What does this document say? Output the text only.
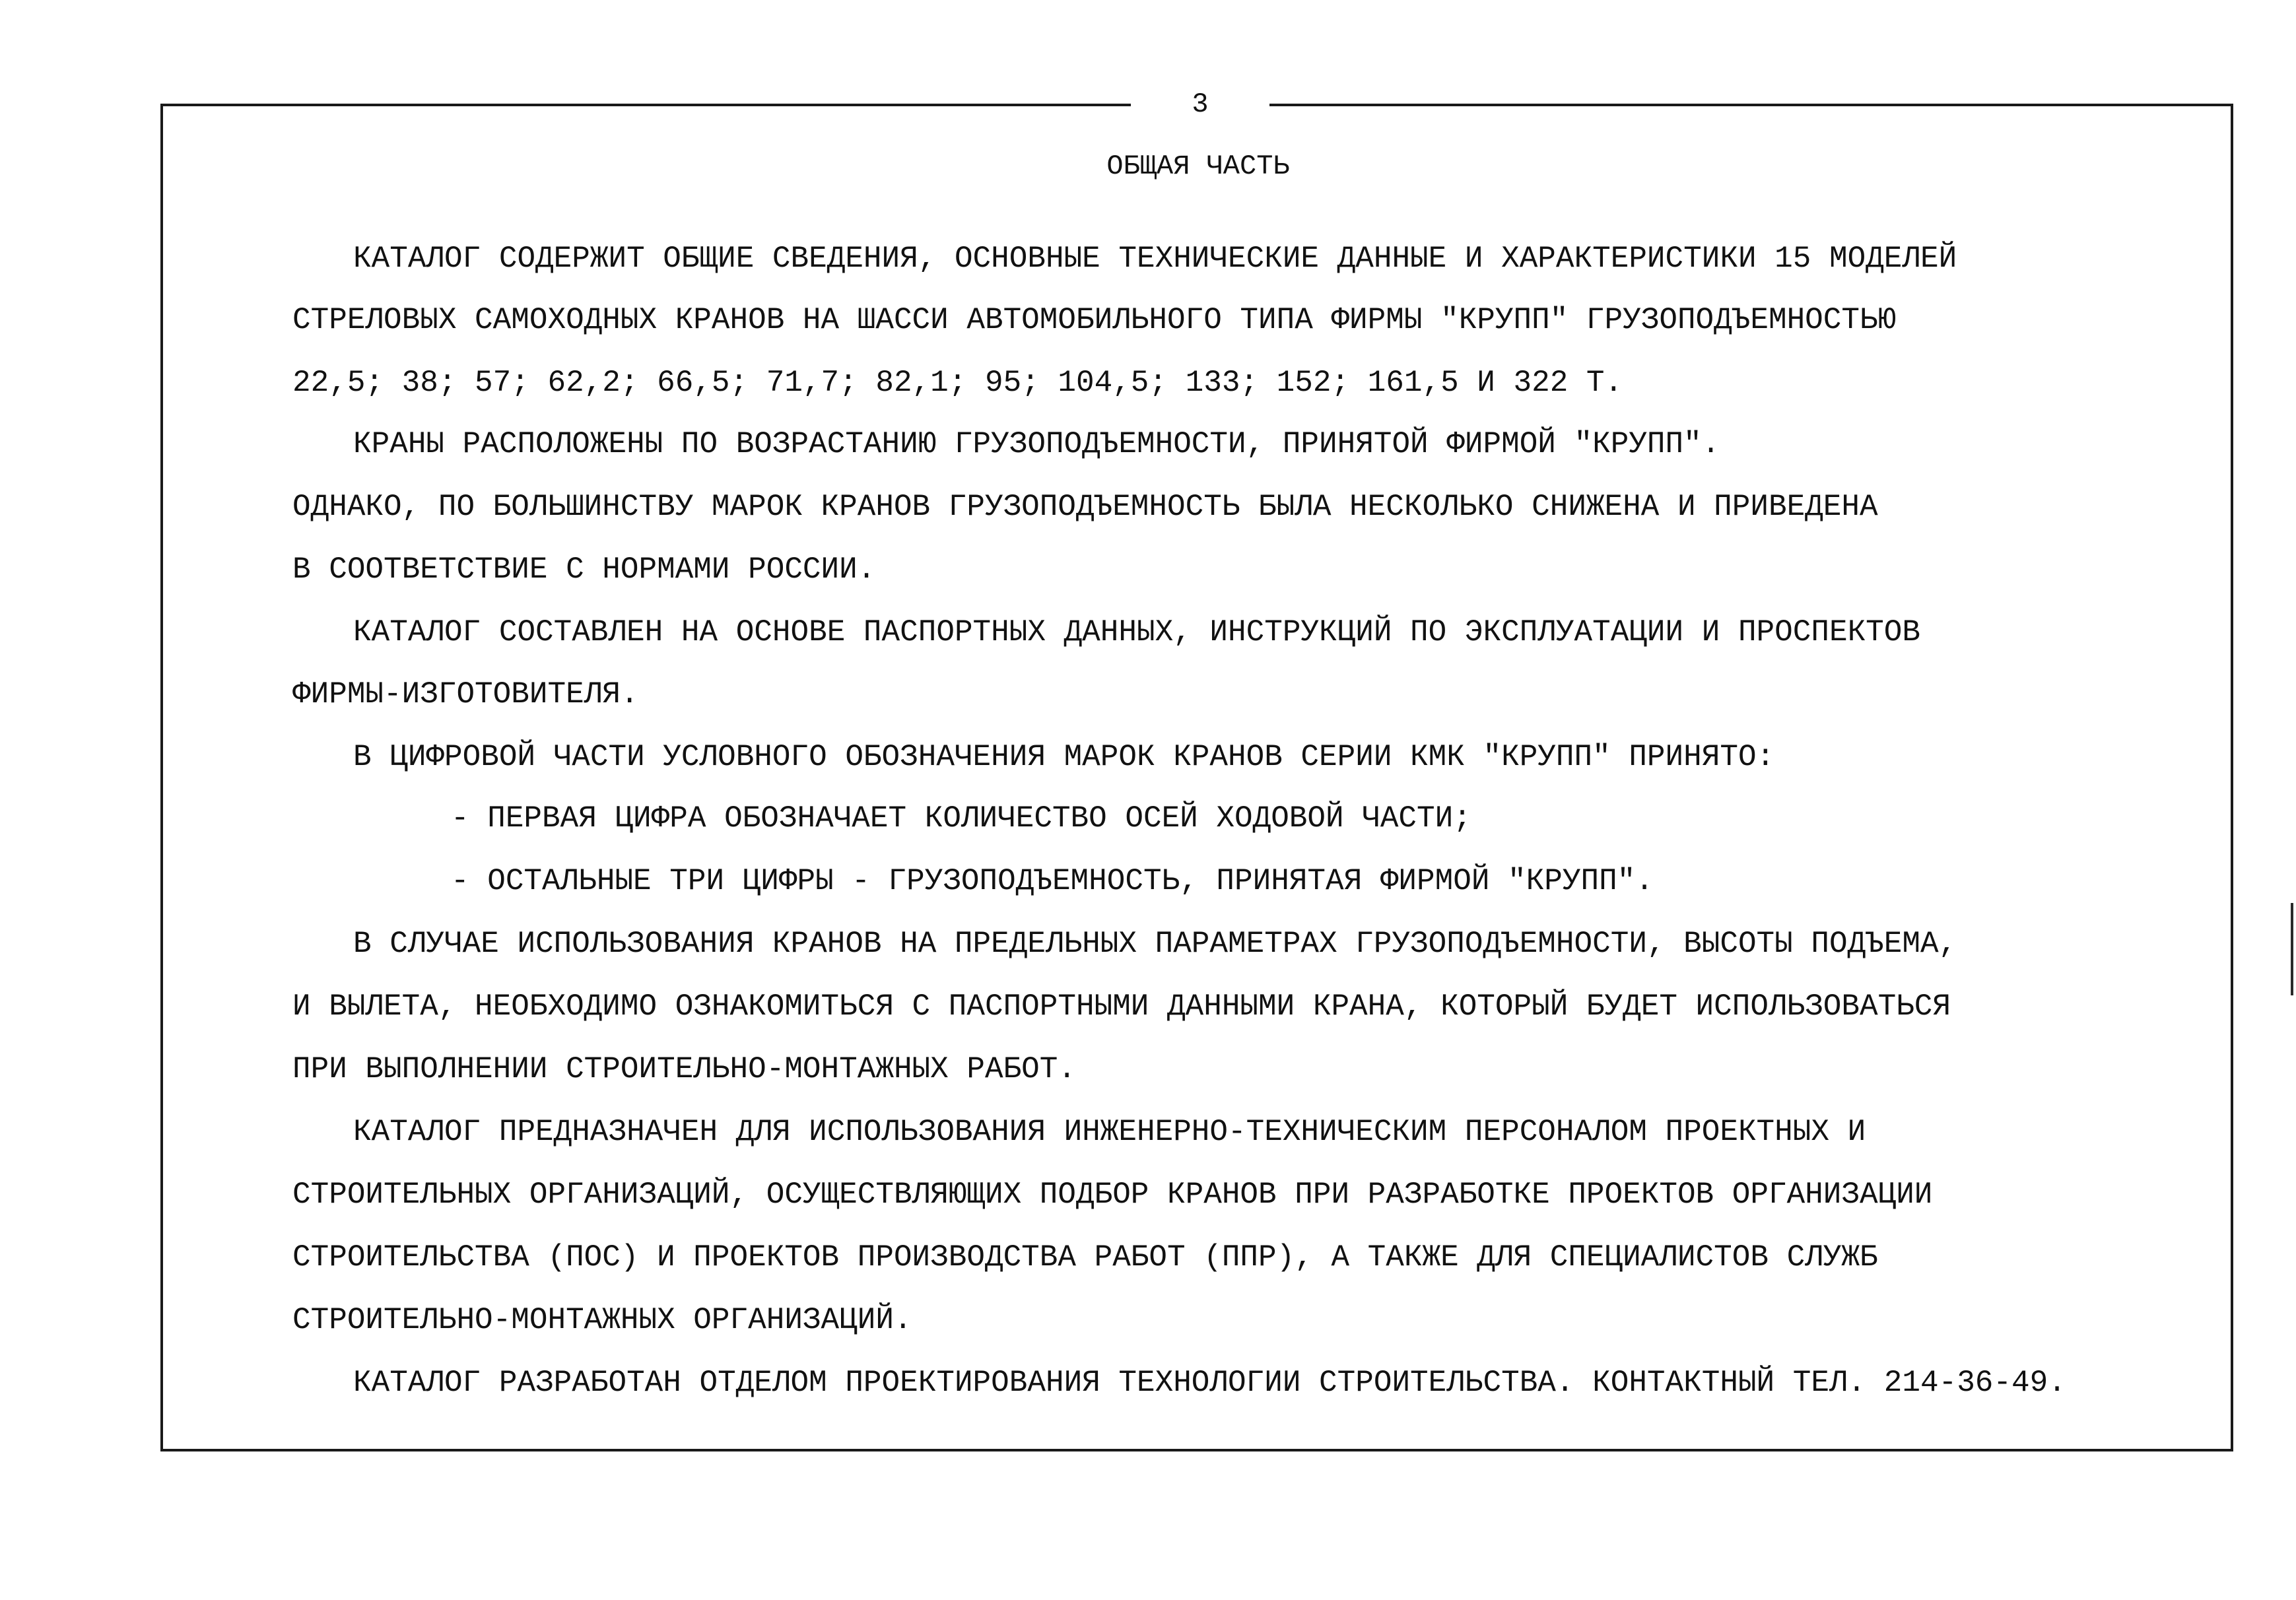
3
ОБЩАЯ ЧАСТЬ
КАТАЛОГ СОДЕРЖИТ ОБЩИЕ СВЕДЕНИЯ, ОСНОВНЫЕ ТЕХНИЧЕСКИЕ ДАННЫЕ И ХАРАКТЕРИСТИКИ 15 МОДЕЛЕЙ
СТРЕЛОВЫХ САМОХОДНЫХ КРАНОВ НА ШАССИ АВТОМОБИЛЬНОГО ТИПА ФИРМЫ "КРУПП" ГРУЗОПОДЪЕМНОСТЬЮ
22,5; 38; 57; 62,2; 66,5; 71,7; 82,1; 95; 104,5; 133; 152; 161,5 И 322 Т.
КРАНЫ РАСПОЛОЖЕНЫ ПО ВОЗРАСТАНИЮ ГРУЗОПОДЪЕМНОСТИ, ПРИНЯТОЙ ФИРМОЙ "КРУПП".
ОДНАКО, ПО БОЛЬШИНСТВУ МАРОК КРАНОВ ГРУЗОПОДЪЕМНОСТЬ БЫЛА НЕСКОЛЬКО СНИЖЕНА И ПРИВЕДЕНА
В СООТВЕТСТВИЕ С НОРМАМИ РОССИИ.
КАТАЛОГ СОСТАВЛЕН НА ОСНОВЕ ПАСПОРТНЫХ ДАННЫХ, ИНСТРУКЦИЙ ПО ЭКСПЛУАТАЦИИ И ПРОСПЕКТОВ
ФИРМЫ-ИЗГОТОВИТЕЛЯ.
В ЦИФРОВОЙ ЧАСТИ УСЛОВНОГО ОБОЗНАЧЕНИЯ МАРОК КРАНОВ СЕРИИ КМК "КРУПП" ПРИНЯТО:
- ПЕРВАЯ ЦИФРА ОБОЗНАЧАЕТ КОЛИЧЕСТВО ОСЕЙ ХОДОВОЙ ЧАСТИ;
- ОСТАЛЬНЫЕ ТРИ ЦИФРЫ - ГРУЗОПОДЪЕМНОСТЬ, ПРИНЯТАЯ ФИРМОЙ "КРУПП".
В СЛУЧАЕ ИСПОЛЬЗОВАНИЯ КРАНОВ НА ПРЕДЕЛЬНЫХ ПАРАМЕТРАХ ГРУЗОПОДЪЕМНОСТИ, ВЫСОТЫ ПОДЪЕМА,
И ВЫЛЕТА, НЕОБХОДИМО ОЗНАКОМИТЬСЯ С ПАСПОРТНЫМИ ДАННЫМИ КРАНА, КОТОРЫЙ БУДЕТ ИСПОЛЬЗОВАТЬСЯ
ПРИ ВЫПОЛНЕНИИ СТРОИТЕЛЬНО-МОНТАЖНЫХ РАБОТ.
КАТАЛОГ ПРЕДНАЗНАЧЕН ДЛЯ ИСПОЛЬЗОВАНИЯ ИНЖЕНЕРНО-ТЕХНИЧЕСКИМ ПЕРСОНАЛОМ ПРОЕКТНЫХ И
СТРОИТЕЛЬНЫХ ОРГАНИЗАЦИЙ, ОСУЩЕСТВЛЯЮЩИХ ПОДБОР КРАНОВ ПРИ РАЗРАБОТКЕ ПРОЕКТОВ ОРГАНИЗАЦИИ
СТРОИТЕЛЬСТВА (ПОС) И ПРОЕКТОВ ПРОИЗВОДСТВА РАБОТ (ППР), А ТАКЖЕ ДЛЯ СПЕЦИАЛИСТОВ СЛУЖБ
СТРОИТЕЛЬНО-МОНТАЖНЫХ ОРГАНИЗАЦИЙ.
КАТАЛОГ РАЗРАБОТАН ОТДЕЛОМ ПРОЕКТИРОВАНИЯ ТЕХНОЛОГИИ СТРОИТЕЛЬСТВА. КОНТАКТНЫЙ ТЕЛ. 214-36-49.
